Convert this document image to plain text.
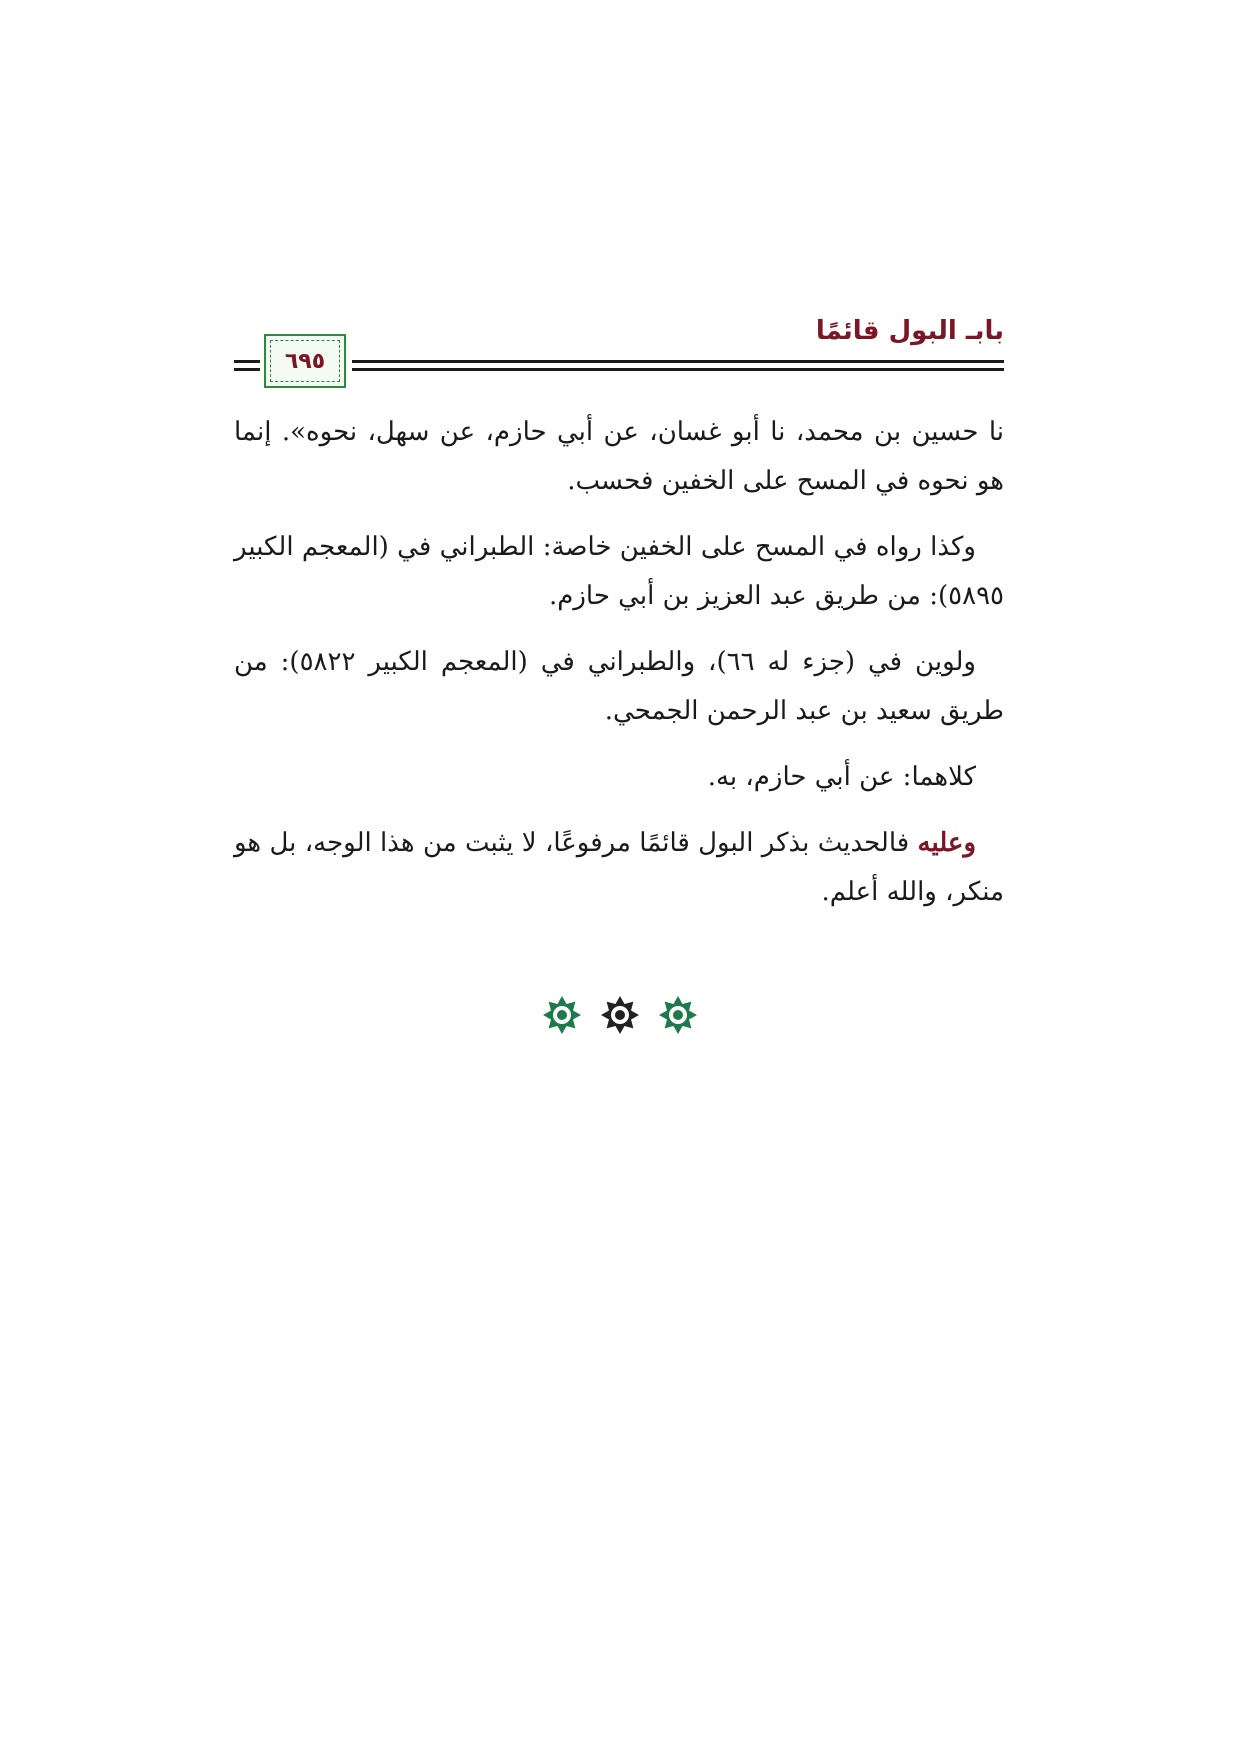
بابـ البول قائمًا
٦٩٥

نا حسين بن محمد، نا أبو غسان، عن أبي حازم، عن سهل، نحوه». إنما هو نحوه في المسح على الخفين فحسب.

وكذا رواه في المسح على الخفين خاصة: الطبراني في (المعجم الكبير ٥٨٩٥): من طريق عبد العزيز بن أبي حازم.

ولوين في (جزء له ٦٦)، والطبراني في (المعجم الكبير ٥٨٢٢): من طريق سعيد بن عبد الرحمن الجمحي.

كلاهما: عن أبي حازم، به.

وعليه فالحديث بذكر البول قائمًا مرفوعًا، لا يثبت من هذا الوجه، بل هو منكر، والله أعلم.
